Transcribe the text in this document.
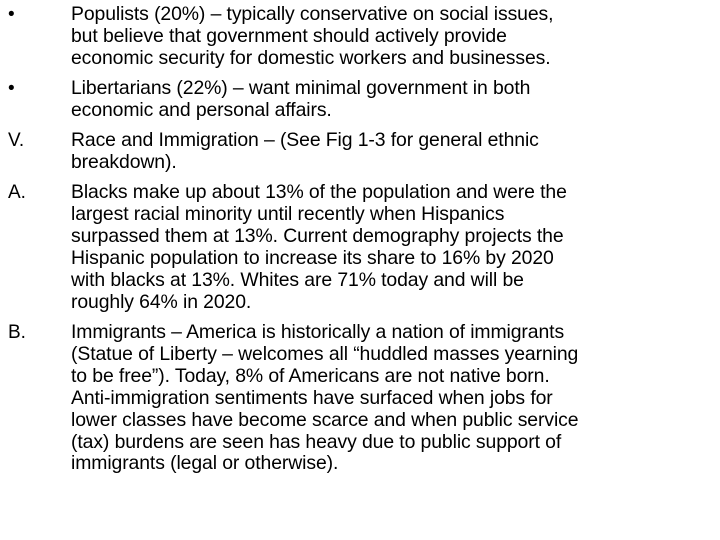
•	Populists (20%) – typically conservative on social issues,
but believe that government should actively provide
economic security for domestic workers and businesses.
•	Libertarians (22%) – want minimal government in both
economic and personal affairs.
V. Race and Immigration – (See Fig 1-3 for general ethnic
breakdown).
A. Blacks make up about 13% of the population and were the
largest racial minority until recently when Hispanics
surpassed them at 13%. Current demography projects the
Hispanic population to increase its share to 16% by 2020
with blacks at 13%. Whites are 71% today and will be
roughly 64% in 2020.
B. Immigrants – America is historically a nation of immigrants
(Statue of Liberty – welcomes all “huddled masses yearning
to be free”). Today, 8% of Americans are not native born.
Anti-immigration sentiments have surfaced when jobs for
lower classes have become scarce and when public service
(tax) burdens are seen has heavy due to public support of
immigrants (legal or otherwise).
